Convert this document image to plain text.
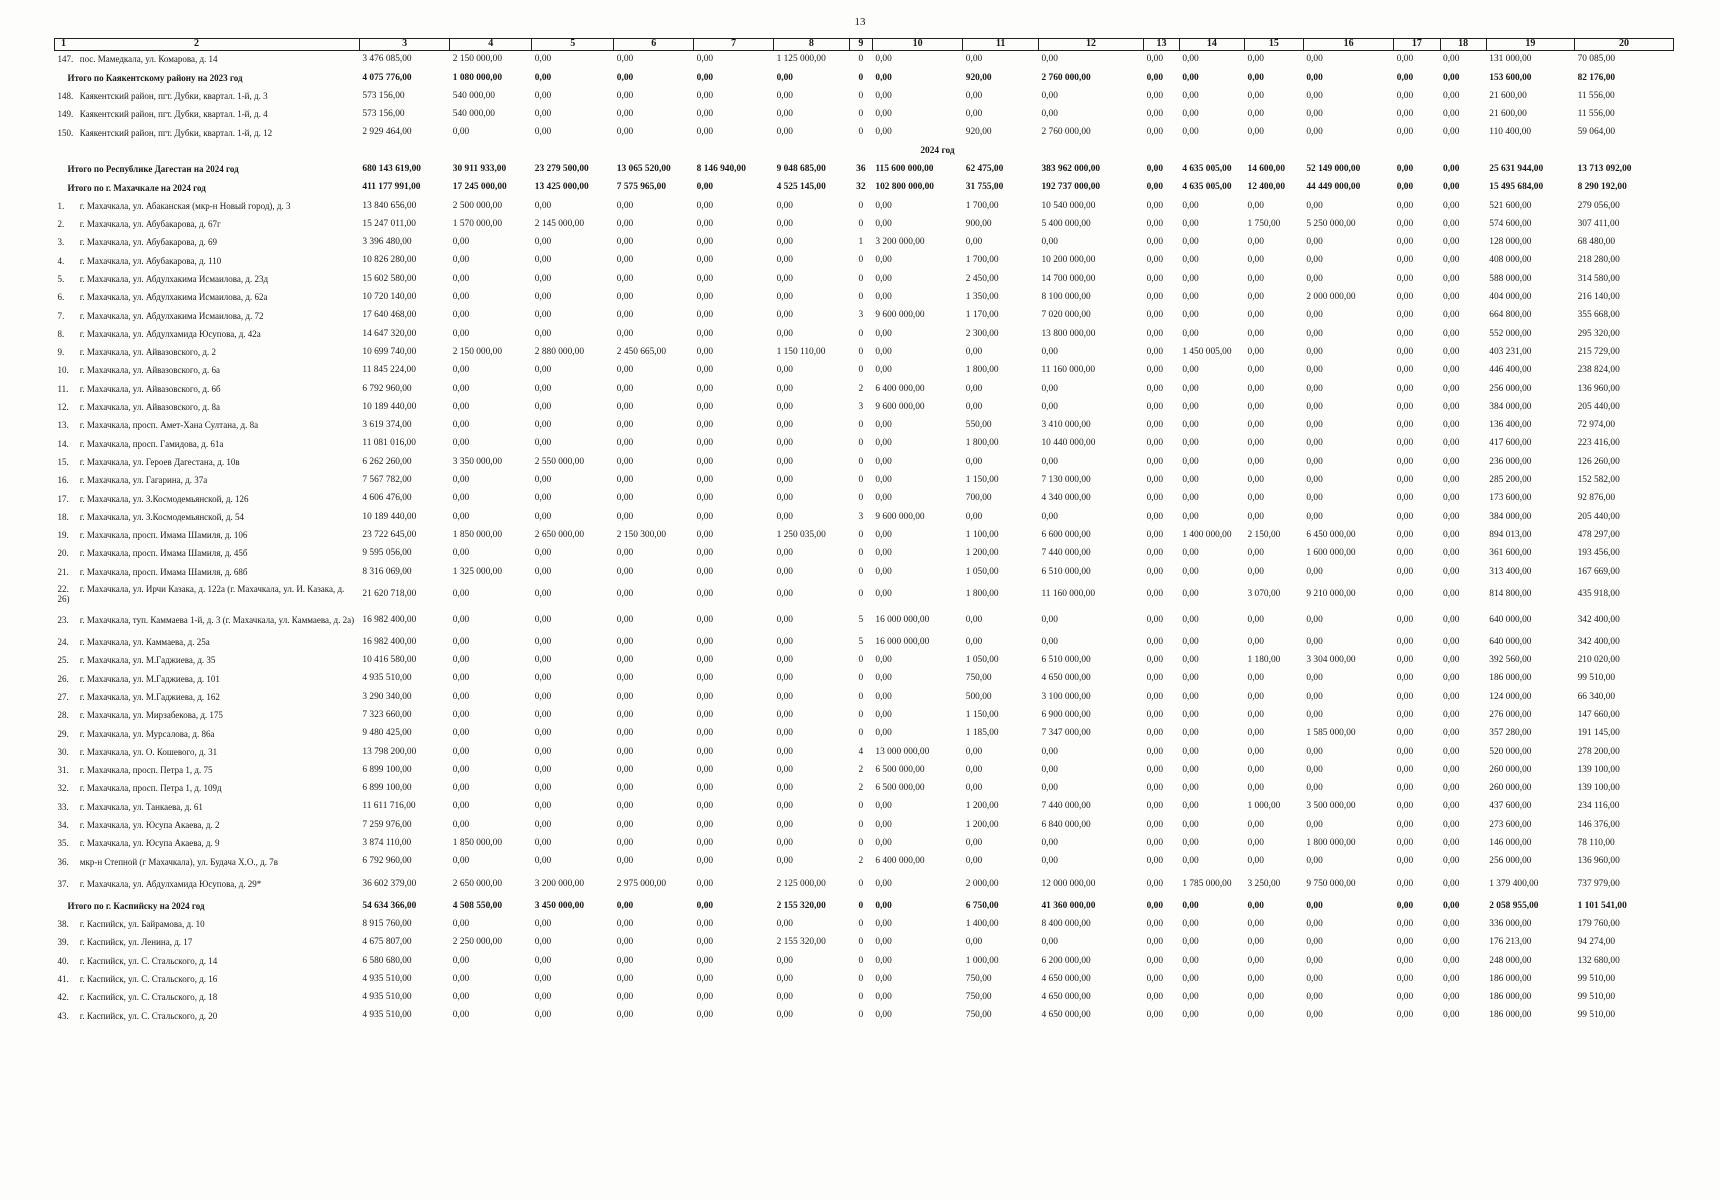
13
1 2	3	4	5	6	7	8	9	10	11	12	13	14	15	16	17	18	19	20
147. пос. Мамедкала, ул. Комарова, д. 14	3 476 085,00	2 150 000,00	0,00	0,00	0,00	1 125 000,00	0	0,00	0,00	0,00	0,00	0,00	0,00	0,00	0,00	0,00	131 000,00	70 085,00
Итого по Каякентскому району на 2023 год	4 075 776,00	1 080 000,00	0,00	0,00	0,00	0,00	0	0,00	920,00	2 760 000,00	0,00	0,00	0,00	0,00	0,00	0,00	153 600,00	82 176,00
148. Каякентский район, пгт. Дубки, квартал. 1-й, д. 3	573 156,00	540 000,00	0,00	0,00	0,00	0,00	0	0,00	0,00	0,00	0,00	0,00	0,00	0,00	0,00	0,00	21 600,00	11 556,00
149. Каякентский район, пгт. Дубки, квартал. 1-й, д. 4	573 156,00	540 000,00	0,00	0,00	0,00	0,00	0	0,00	0,00	0,00	0,00	0,00	0,00	0,00	0,00	0,00	21 600,00	11 556,00
150. Каякентский район, пгт. Дубки, квартал. 1-й, д. 12	2 929 464,00	0,00	0,00	0,00	0,00	0,00	0	0,00	920,00	2 760 000,00	0,00	0,00	0,00	0,00	0,00	0,00	110 400,00	59 064,00
2024 год																		
Итого по Республике Дагестан на 2024 год	680 143 619,00	30 911 933,00	23 279 500,00	13 065 520,00	8 146 940,00	9 048 685,00	36	115 600 000,00	62 475,00	383 962 000,00	0,00	4 635 005,00	14 600,00	52 149 000,00	0,00	0,00	25 631 944,00	13 713 092,00
Итого по г. Махачкале на 2024 год	411 177 991,00	17 245 000,00	13 425 000,00	7 575 965,00	0,00	4 525 145,00	32	102 800 000,00	31 755,00	192 737 000,00	0,00	4 635 005,00	12 400,00	44 449 000,00	0,00	0,00	15 495 684,00	8 290 192,00
1. г. Махачкала, ул. Абаканская (мкр-н Новый город), д. 3	13 840 656,00	2 500 000,00	0,00	0,00	0,00	0,00	0	0,00	1 700,00	10 540 000,00	0,00	0,00	0,00	0,00	0,00	0,00	521 600,00	279 056,00
2. г. Махачкала, ул. Абубакарова, д. 67г	15 247 011,00	1 570 000,00	2 145 000,00	0,00	0,00	0,00	0	0,00	900,00	5 400 000,00	0,00	0,00	1 750,00	5 250 000,00	0,00	0,00	574 600,00	307 411,00
3. г. Махачкала, ул. Абубакарова, д. 69	3 396 480,00	0,00	0,00	0,00	0,00	0,00	1	3 200 000,00	0,00	0,00	0,00	0,00	0,00	0,00	0,00	0,00	128 000,00	68 480,00
4. г. Махачкала, ул. Абубакарова, д. 110	10 826 280,00	0,00	0,00	0,00	0,00	0,00	0	0,00	1 700,00	10 200 000,00	0,00	0,00	0,00	0,00	0,00	0,00	408 000,00	218 280,00
5. г. Махачкала, ул. Абдулхакима Исмаилова, д. 23д	15 602 580,00	0,00	0,00	0,00	0,00	0,00	0	0,00	2 450,00	14 700 000,00	0,00	0,00	0,00	0,00	0,00	0,00	588 000,00	314 580,00
6. г. Махачкала, ул. Абдулхакима Исмаилова, д. 62а	10 720 140,00	0,00	0,00	0,00	0,00	0,00	0	0,00	1 350,00	8 100 000,00	0,00	0,00	0,00	2 000 000,00	0,00	0,00	404 000,00	216 140,00
7. г. Махачкала, ул. Абдулхакима Исмаилова, д. 72	17 640 468,00	0,00	0,00	0,00	0,00	0,00	3	9 600 000,00	1 170,00	7 020 000,00	0,00	0,00	0,00	0,00	0,00	0,00	664 800,00	355 668,00
8. г. Махачкала, ул. Абдулхамида Юсупова, д. 42а	14 647 320,00	0,00	0,00	0,00	0,00	0,00	0	0,00	2 300,00	13 800 000,00	0,00	0,00	0,00	0,00	0,00	0,00	552 000,00	295 320,00
9. г. Махачкала, ул. Айвазовского, д. 2	10 699 740,00	2 150 000,00	2 880 000,00	2 450 665,00	0,00	1 150 110,00	0	0,00	0,00	0,00	0,00	1 450 005,00	0,00	0,00	0,00	0,00	403 231,00	215 729,00
10. г. Махачкала, ул. Айвазовского, д. 6а	11 845 224,00	0,00	0,00	0,00	0,00	0,00	0	0,00	1 800,00	11 160 000,00	0,00	0,00	0,00	0,00	0,00	0,00	446 400,00	238 824,00
11. г. Махачкала, ул. Айвазовского, д. 6б	6 792 960,00	0,00	0,00	0,00	0,00	0,00	2	6 400 000,00	0,00	0,00	0,00	0,00	0,00	0,00	0,00	0,00	256 000,00	136 960,00
12. г. Махачкала, ул. Айвазовского, д. 8а	10 189 440,00	0,00	0,00	0,00	0,00	0,00	3	9 600 000,00	0,00	0,00	0,00	0,00	0,00	0,00	0,00	0,00	384 000,00	205 440,00
13. г. Махачкала, просп. Амет-Хана Султана, д. 8а	3 619 374,00	0,00	0,00	0,00	0,00	0,00	0	0,00	550,00	3 410 000,00	0,00	0,00	0,00	0,00	0,00	0,00	136 400,00	72 974,00
14. г. Махачкала, просп. Гамидова, д. 61а	11 081 016,00	0,00	0,00	0,00	0,00	0,00	0	0,00	1 800,00	10 440 000,00	0,00	0,00	0,00	0,00	0,00	0,00	417 600,00	223 416,00
15. г. Махачкала, ул. Героев Дагестана, д. 10в	6 262 260,00	3 350 000,00	2 550 000,00	0,00	0,00	0,00	0	0,00	0,00	0,00	0,00	0,00	0,00	0,00	0,00	0,00	236 000,00	126 260,00
16. г. Махачкала, ул. Гагарина, д. 37а	7 567 782,00	0,00	0,00	0,00	0,00	0,00	0	0,00	1 150,00	7 130 000,00	0,00	0,00	0,00	0,00	0,00	0,00	285 200,00	152 582,00
17. г. Махачкала, ул. З.Космодемьянской, д. 126	4 606 476,00	0,00	0,00	0,00	0,00	0,00	0	0,00	700,00	4 340 000,00	0,00	0,00	0,00	0,00	0,00	0,00	173 600,00	92 876,00
18. г. Махачкала, ул. З.Космодемьянской, д. 54	10 189 440,00	0,00	0,00	0,00	0,00	0,00	3	9 600 000,00	0,00	0,00	0,00	0,00	0,00	0,00	0,00	0,00	384 000,00	205 440,00
19. г. Махачкала, просп. Имама Шамиля, д. 106	23 722 645,00	1 850 000,00	2 650 000,00	2 150 300,00	0,00	1 250 035,00	0	0,00	1 100,00	6 600 000,00	0,00	1 400 000,00	2 150,00	6 450 000,00	0,00	0,00	894 013,00	478 297,00
20. г. Махачкала, просп. Имама Шамиля, д. 45б	9 595 056,00	0,00	0,00	0,00	0,00	0,00	0	0,00	1 200,00	7 440 000,00	0,00	0,00	0,00	1 600 000,00	0,00	0,00	361 600,00	193 456,00
21. г. Махачкала, просп. Имама Шамиля, д. 68б	8 316 069,00	1 325 000,00	0,00	0,00	0,00	0,00	0	0,00	1 050,00	6 510 000,00	0,00	0,00	0,00	0,00	0,00	0,00	313 400,00	167 669,00
22. г. Махачкала, ул. Ирчи Казака, д. 122а (г. Махачкала, ул. И. Казака, д. 26)	21 620 718,00	0,00	0,00	0,00	0,00	0,00	0	0,00	1 800,00	11 160 000,00	0,00	0,00	3 070,00	9 210 000,00	0,00	0,00	814 800,00	435 918,00
23. г. Махачкала, туп. Каммаева 1-й, д. 3 (г. Махачкала, ул. Каммаева, д. 2а)	16 982 400,00	0,00	0,00	0,00	0,00	0,00	5	16 000 000,00	0,00	0,00	0,00	0,00	0,00	0,00	0,00	0,00	640 000,00	342 400,00
24. г. Махачкала, ул. Каммаева, д. 25а	16 982 400,00	0,00	0,00	0,00	0,00	0,00	5	16 000 000,00	0,00	0,00	0,00	0,00	0,00	0,00	0,00	0,00	640 000,00	342 400,00
25. г. Махачкала, ул. М.Гаджиева, д. 35	10 416 580,00	0,00	0,00	0,00	0,00	0,00	0	0,00	1 050,00	6 510 000,00	0,00	0,00	1 180,00	3 304 000,00	0,00	0,00	392 560,00	210 020,00
26. г. Махачкала, ул. М.Гаджиева, д. 101	4 935 510,00	0,00	0,00	0,00	0,00	0,00	0	0,00	750,00	4 650 000,00	0,00	0,00	0,00	0,00	0,00	0,00	186 000,00	99 510,00
27. г. Махачкала, ул. М.Гаджиева, д. 162	3 290 340,00	0,00	0,00	0,00	0,00	0,00	0	0,00	500,00	3 100 000,00	0,00	0,00	0,00	0,00	0,00	0,00	124 000,00	66 340,00
28. г. Махачкала, ул. Мирзабекова, д. 175	7 323 660,00	0,00	0,00	0,00	0,00	0,00	0	0,00	1 150,00	6 900 000,00	0,00	0,00	0,00	0,00	0,00	0,00	276 000,00	147 660,00
29. г. Махачкала, ул. Мурсалова, д. 86а	9 480 425,00	0,00	0,00	0,00	0,00	0,00	0	0,00	1 185,00	7 347 000,00	0,00	0,00	0,00	1 585 000,00	0,00	0,00	357 280,00	191 145,00
30. г. Махачкала, ул. О. Кошевого, д. 31	13 798 200,00	0,00	0,00	0,00	0,00	0,00	4	13 000 000,00	0,00	0,00	0,00	0,00	0,00	0,00	0,00	0,00	520 000,00	278 200,00
31. г. Махачкала, просп. Петра 1, д. 75	6 899 100,00	0,00	0,00	0,00	0,00	0,00	2	6 500 000,00	0,00	0,00	0,00	0,00	0,00	0,00	0,00	0,00	260 000,00	139 100,00
32. г. Махачкала, просп. Петра 1, д. 109д	6 899 100,00	0,00	0,00	0,00	0,00	0,00	2	6 500 000,00	0,00	0,00	0,00	0,00	0,00	0,00	0,00	0,00	260 000,00	139 100,00
33. г. Махачкала, ул. Танкаева, д. 61	11 611 716,00	0,00	0,00	0,00	0,00	0,00	0	0,00	1 200,00	7 440 000,00	0,00	0,00	1 000,00	3 500 000,00	0,00	0,00	437 600,00	234 116,00
34. г. Махачкала, ул. Юсупа Акаева, д. 2	7 259 976,00	0,00	0,00	0,00	0,00	0,00	0	0,00	1 200,00	6 840 000,00	0,00	0,00	0,00	0,00	0,00	0,00	273 600,00	146 376,00
35. г. Махачкала, ул. Юсупа Акаева, д. 9	3 874 110,00	1 850 000,00	0,00	0,00	0,00	0,00	0	0,00	0,00	0,00	0,00	0,00	0,00	1 800 000,00	0,00	0,00	146 000,00	78 110,00
36. мкр-н Степной (г Махачкала), ул. Будача Х.О., д. 7в	6 792 960,00	0,00	0,00	0,00	0,00	0,00	2	6 400 000,00	0,00	0,00	0,00	0,00	0,00	0,00	0,00	0,00	256 000,00	136 960,00
37. г. Махачкала, ул. Абдулхамида Юсупова, д. 29*	36 602 379,00	2 650 000,00	3 200 000,00	2 975 000,00	0,00	2 125 000,00	0	0,00	2 000,00	12 000 000,00	0,00	1 785 000,00	3 250,00	9 750 000,00	0,00	0,00	1 379 400,00	737 979,00
Итого по г. Каспийску на 2024 год	54 634 366,00	4 508 550,00	3 450 000,00	0,00	0,00	2 155 320,00	0	0,00	6 750,00	41 360 000,00	0,00	0,00	0,00	0,00	0,00	0,00	2 058 955,00	1 101 541,00
38. г. Каспийск, ул. Байрамова, д. 10	8 915 760,00	0,00	0,00	0,00	0,00	0,00	0	0,00	1 400,00	8 400 000,00	0,00	0,00	0,00	0,00	0,00	0,00	336 000,00	179 760,00
39. г. Каспийск, ул. Ленина, д. 17	4 675 807,00	2 250 000,00	0,00	0,00	0,00	2 155 320,00	0	0,00	0,00	0,00	0,00	0,00	0,00	0,00	0,00	0,00	176 213,00	94 274,00
40. г. Каспийск, ул. С. Стальского, д. 14	6 580 680,00	0,00	0,00	0,00	0,00	0,00	0	0,00	1 000,00	6 200 000,00	0,00	0,00	0,00	0,00	0,00	0,00	248 000,00	132 680,00
41. г. Каспийск, ул. С. Стальского, д. 16	4 935 510,00	0,00	0,00	0,00	0,00	0,00	0	0,00	750,00	4 650 000,00	0,00	0,00	0,00	0,00	0,00	0,00	186 000,00	99 510,00
42. г. Каспийск, ул. С. Стальского, д. 18	4 935 510,00	0,00	0,00	0,00	0,00	0,00	0	0,00	750,00	4 650 000,00	0,00	0,00	0,00	0,00	0,00	0,00	186 000,00	99 510,00
43. г. Каспийск, ул. С. Стальского, д. 20	4 935 510,00	0,00	0,00	0,00	0,00	0,00	0	0,00	750,00	4 650 000,00	0,00	0,00	0,00	0,00	0,00	0,00	186 000,00	99 510,00
